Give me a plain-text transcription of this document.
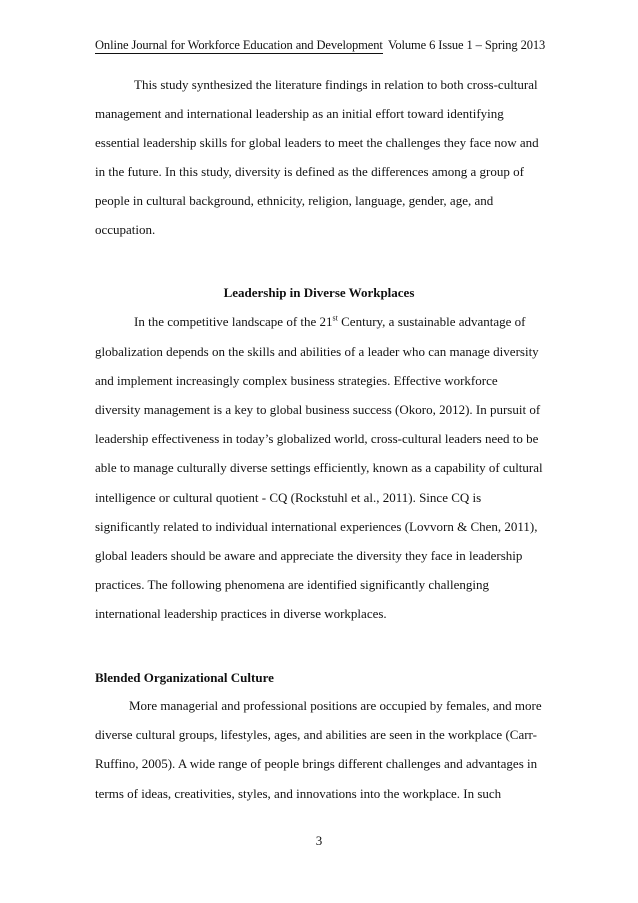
Online Journal for Workforce Education and Development Volume 6 Issue 1 – Spring 2013
This study synthesized the literature findings in relation to both cross-cultural
management and international leadership as an initial effort toward identifying
essential leadership skills for global leaders to meet the challenges they face now and
in the future. In this study, diversity is defined as the differences among a group of
people in cultural background, ethnicity, religion, language, gender, age, and
occupation.
Leadership in Diverse Workplaces
In the competitive landscape of the 21st Century, a sustainable advantage of
globalization depends on the skills and abilities of a leader who can manage diversity
and implement increasingly complex business strategies. Effective workforce
diversity management is a key to global business success (Okoro, 2012). In pursuit of
leadership effectiveness in today’s globalized world, cross-cultural leaders need to be
able to manage culturally diverse settings efficiently, known as a capability of cultural
intelligence or cultural quotient - CQ (Rockstuhl et al., 2011). Since CQ is
significantly related to individual international experiences (Lovvorn & Chen, 2011),
global leaders should be aware and appreciate the diversity they face in leadership
practices. The following phenomena are identified significantly challenging
international leadership practices in diverse workplaces.
Blended Organizational Culture
More managerial and professional positions are occupied by females, and more
diverse cultural groups, lifestyles, ages, and abilities are seen in the workplace (Carr-
Ruffino, 2005). A wide range of people brings different challenges and advantages in
terms of ideas, creativities, styles, and innovations into the workplace. In such
3
